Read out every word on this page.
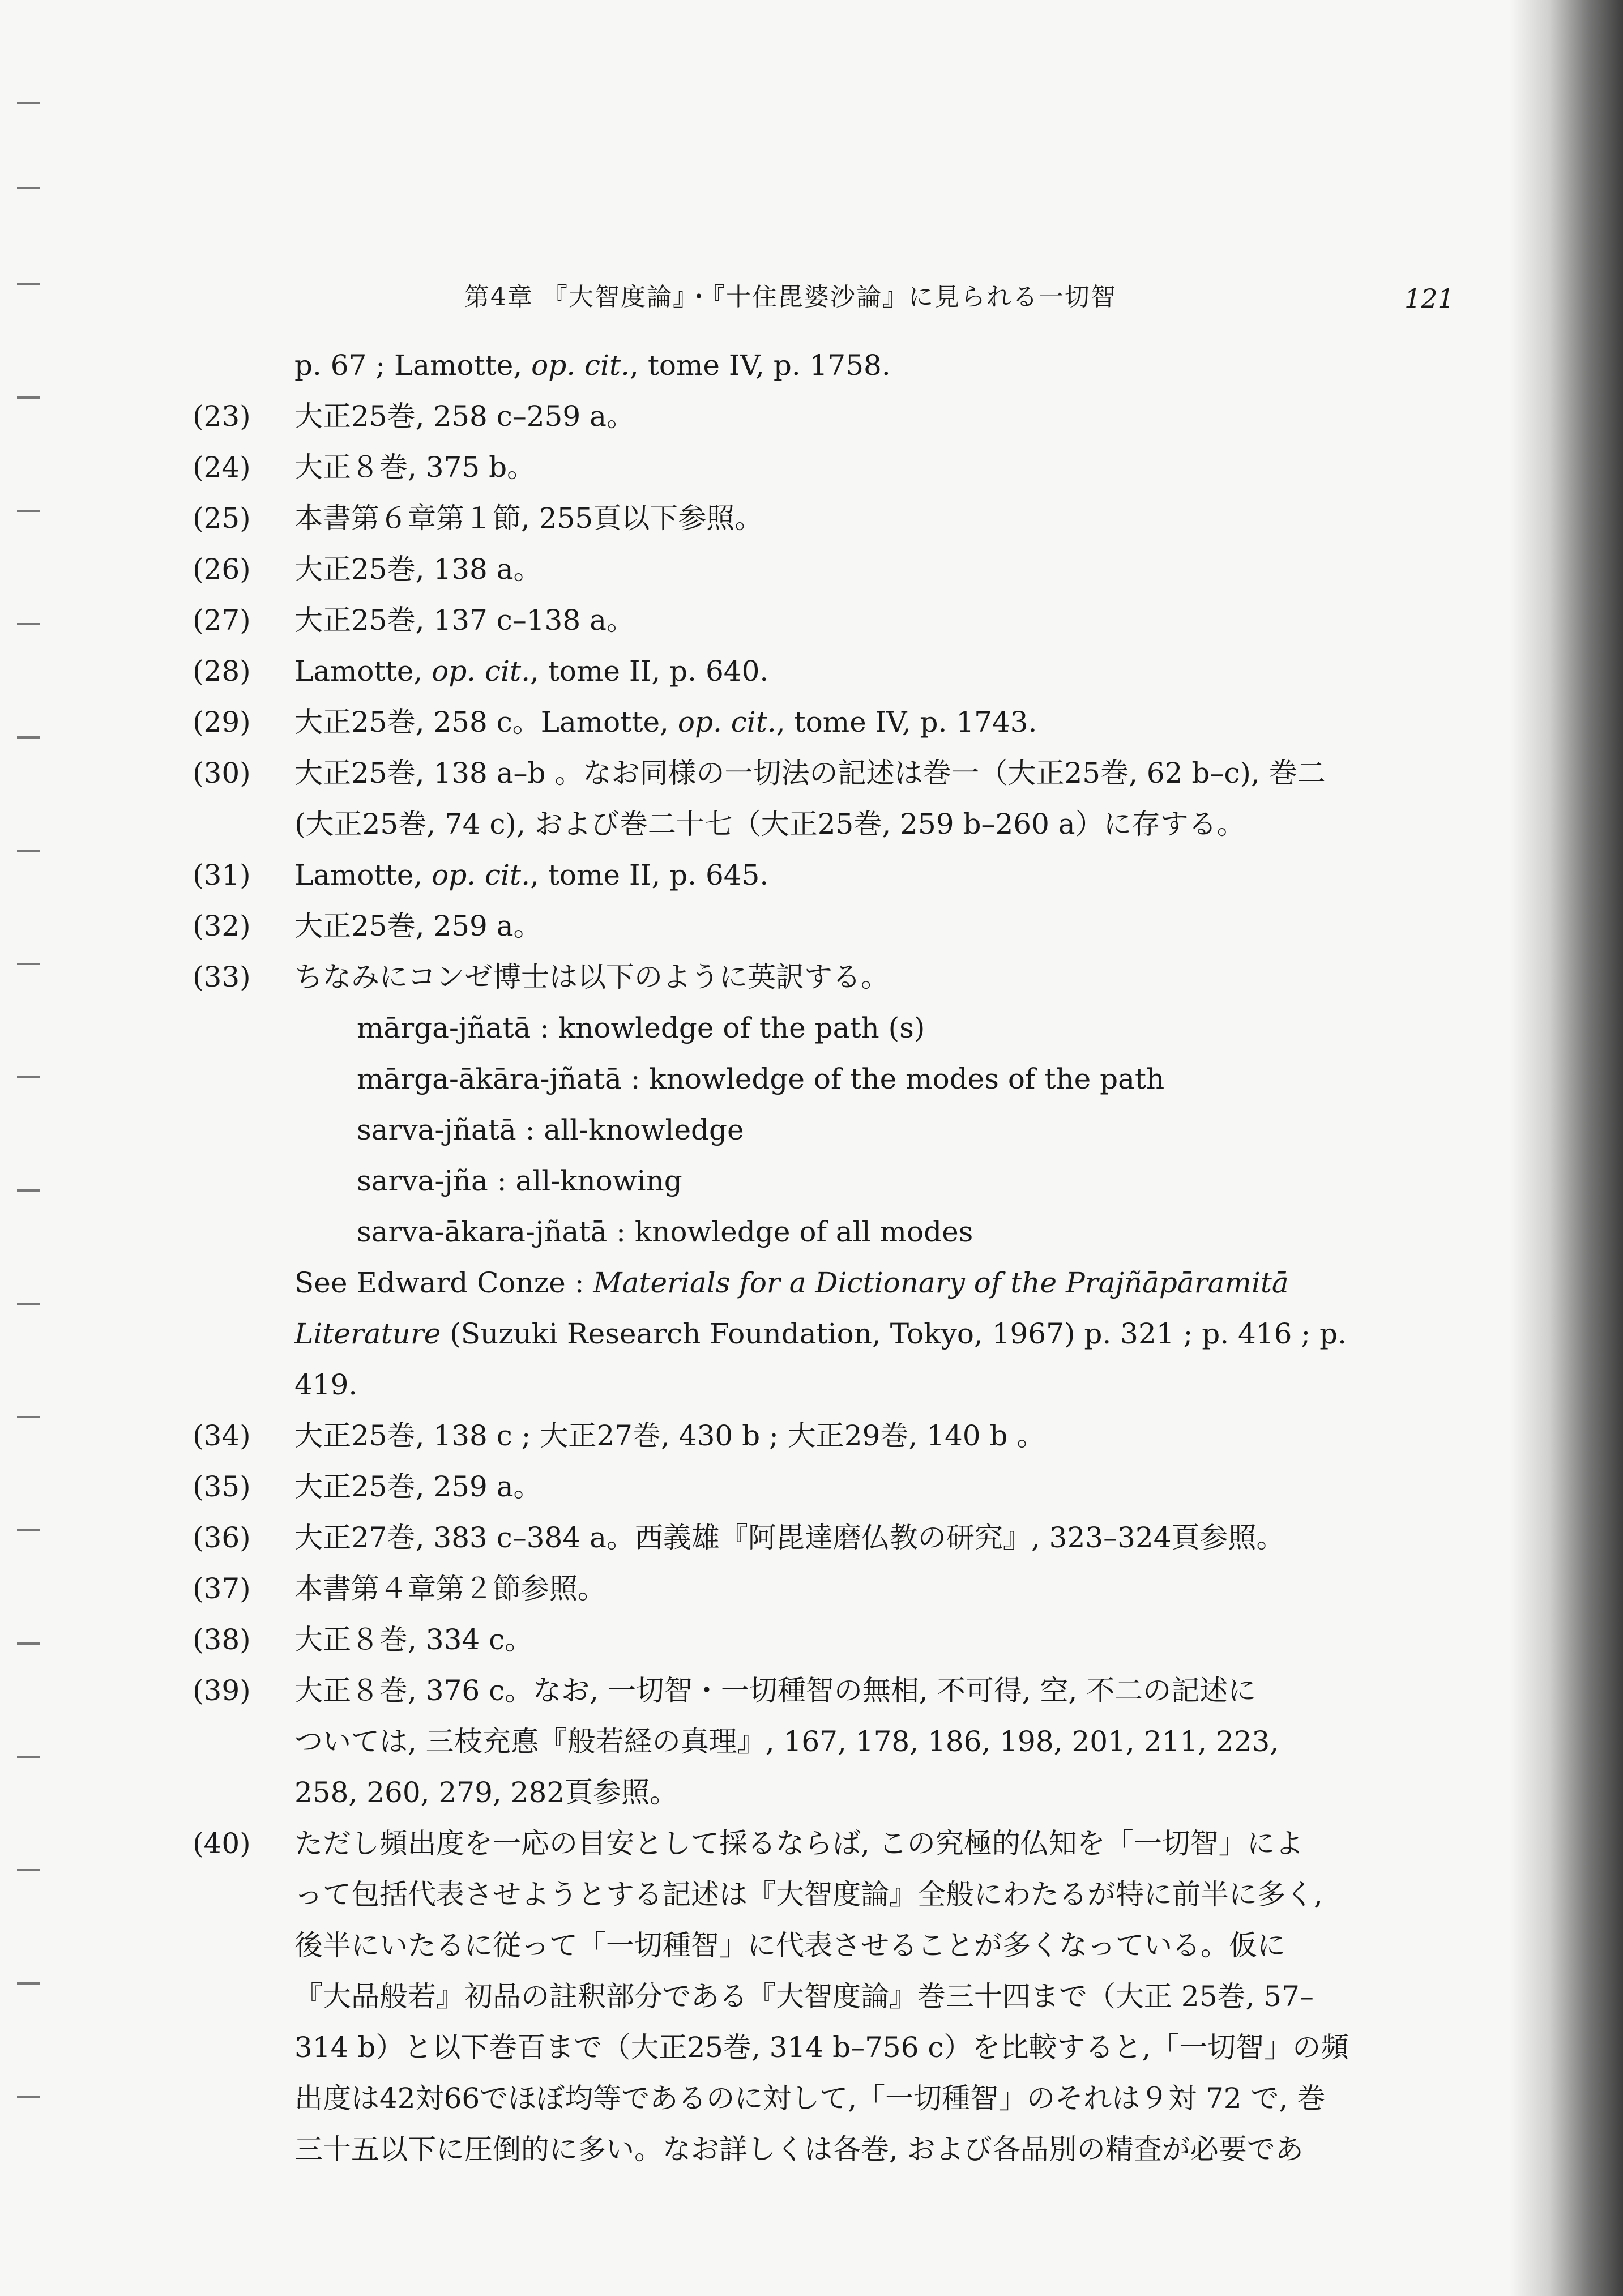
第4章 『大智度論』・『十住毘婆沙論』に見られる一切智	121
p. 67 ; Lamotte, op. cit., tome IV, p. 1758.
(23)	大正25巻, 258 c–259 a。
(24)	大正８巻, 375 b。
(25)	本書第６章第１節, 255頁以下参照。
(26)	大正25巻, 138 a。
(27)	大正25巻, 137 c–138 a。
(28)	Lamotte, op. cit., tome II, p. 640.
(29)	大正25巻, 258 c。Lamotte, op. cit., tome IV, p. 1743.
(30)	大正25巻, 138 a–b 。なお同様の一切法の記述は巻一（大正25巻, 62 b–c), 巻二

(大正25巻, 74 c), および巻二十七（大正25巻, 259 b–260 a）に存する。

(31)	Lamotte, op. cit., tome II, p. 645.
(32)	大正25巻, 259 a。
(33)	ちなみにコンゼ博士は以下のように英訳する。

mārga-jñatā : knowledge of the path (s)
mārga-ākāra-jñatā : knowledge of the modes of the path
sarva-jñatā : all-knowledge
sarva-jña : all-knowing
sarva-ākara-jñatā : knowledge of all modes

See Edward Conze : Materials for a Dictionary of the Prajñāpāramitā

Literature (Suzuki Research Foundation, Tokyo, 1967) p. 321 ; p. 416 ; p.

419.

(34)	大正25巻, 138 c ; 大正27巻, 430 b ; 大正29巻, 140 b 。
(35)	大正25巻, 259 a。
(36)	大正27巻, 383 c–384 a。西義雄『阿毘達磨仏教の研究』, 323–324頁参照。
(37)	本書第４章第２節参照。
(38)	大正８巻, 334 c。
(39)	大正８巻, 376 c。なお, 一切智・一切種智の無相, 不可得, 空, 不二の記述に

ついては, 三枝充悳『般若経の真理』, 167, 178, 186, 198, 201, 211, 223,

258, 260, 279, 282頁参照。

(40)	ただし頻出度を一応の目安として採るならば, この究極的仏知を「一切智」によ

って包括代表させようとする記述は『大智度論』全般にわたるが特に前半に多く,

後半にいたるに従って「一切種智」に代表させることが多くなっている。仮に

『大品般若』初品の註釈部分である『大智度論』巻三十四まで（大正 25巻, 57–

314 b）と以下巻百まで（大正25巻, 314 b–756 c）を比較すると,「一切智」の頻

出度は42対66でほぼ均等であるのに対して,「一切種智」のそれは９対 72 で, 巻

三十五以下に圧倒的に多い。なお詳しくは各巻, および各品別の精査が必要であ
